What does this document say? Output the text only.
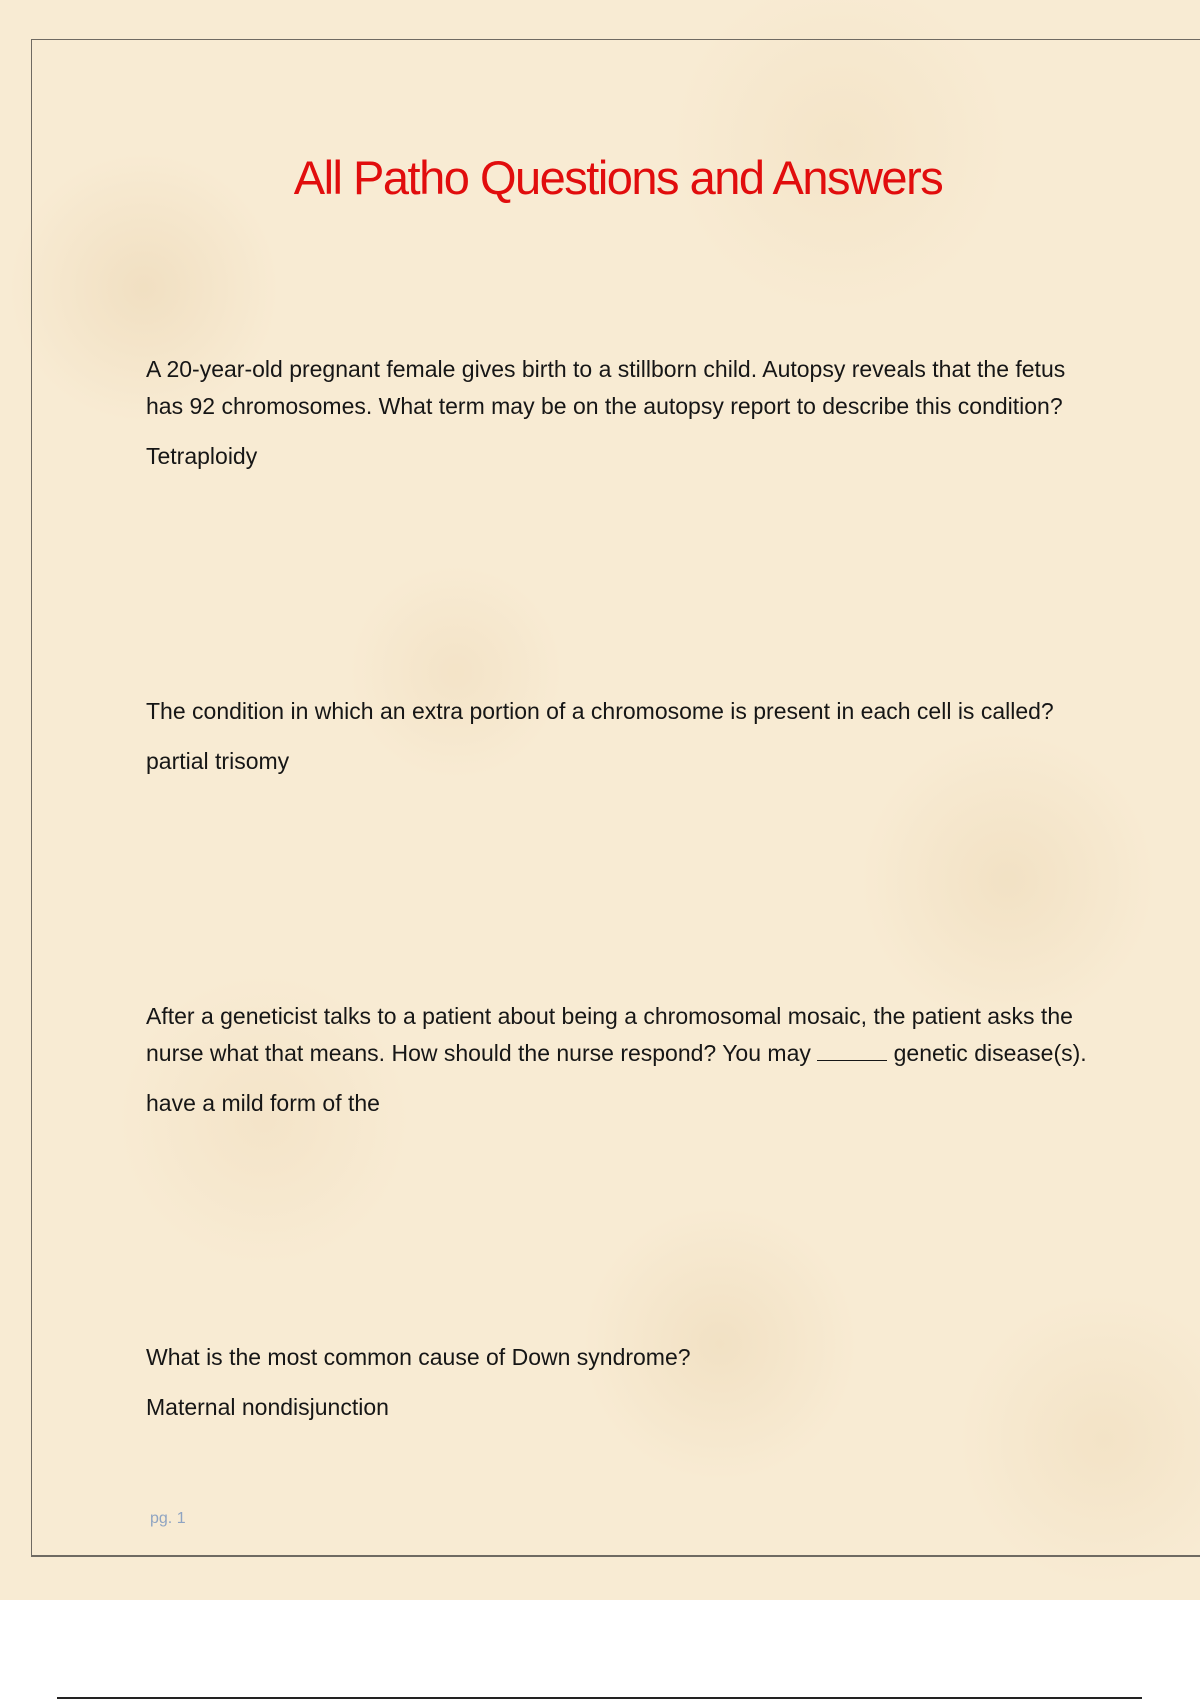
All Patho Questions and Answers

A 20-year-old pregnant female gives birth to a stillborn child. Autopsy reveals that the fetus has 92 chromosomes. What term may be on the autopsy report to describe this condition?

Tetraploidy

The condition in which an extra portion of a chromosome is present in each cell is called?

partial trisomy

After a geneticist talks to a patient about being a chromosomal mosaic, the patient asks the nurse what that means. How should the nurse respond? You may	genetic disease(s).

have a mild form of the

What is the most common cause of Down syndrome?

Maternal nondisjunction

pg. 1
